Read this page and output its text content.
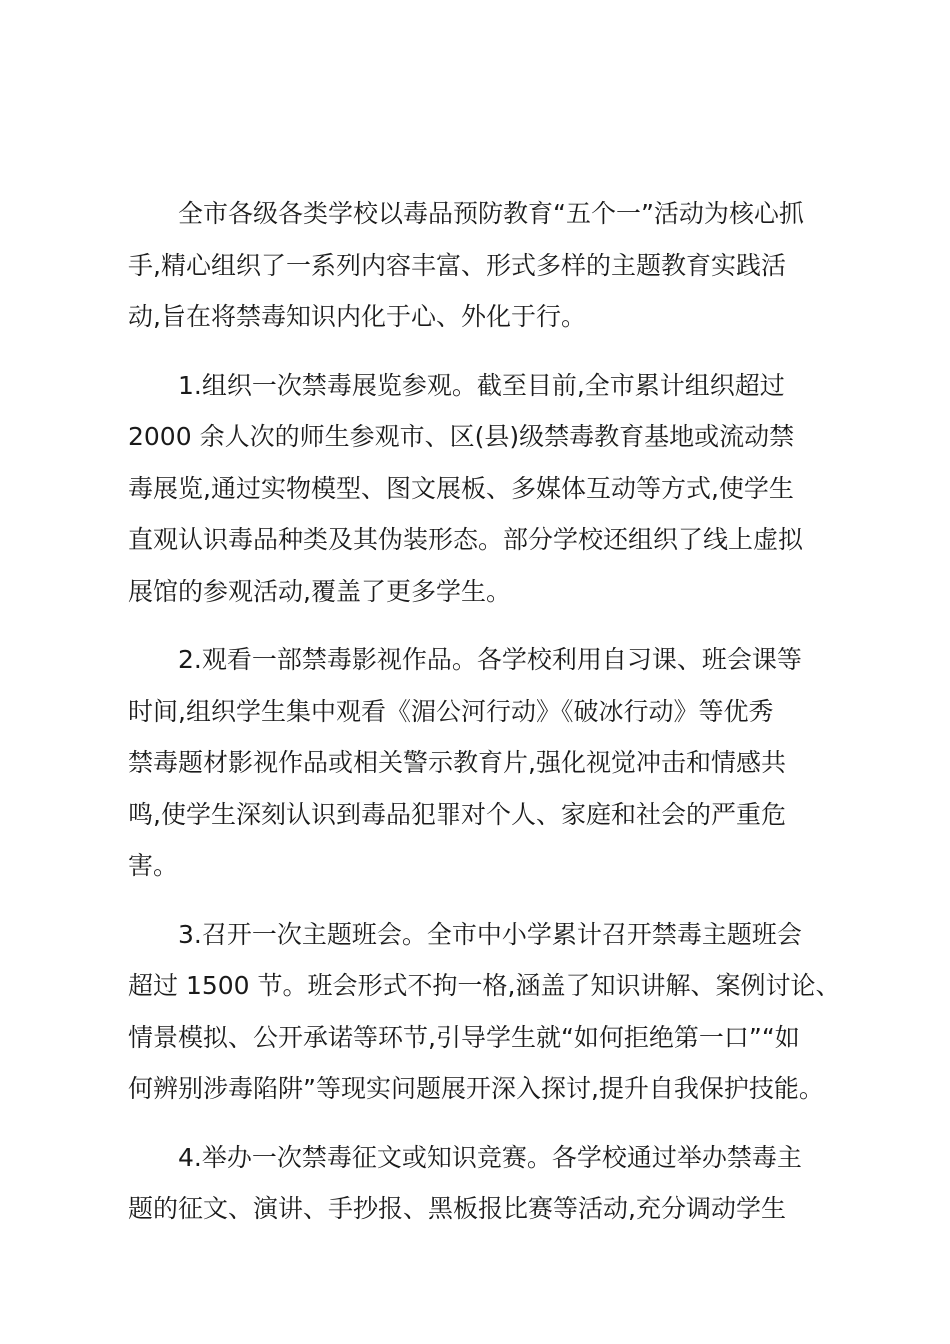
全市各级各类学校以毒品预防教育“五个一”活动为核心抓
手,精心组织了一系列内容丰富、形式多样的主题教育实践活
动,旨在将禁毒知识内化于心、外化于行。

1.组织一次禁毒展览参观。截至目前,全市累计组织超过
2000 余人次的师生参观市、区(县)级禁毒教育基地或流动禁
毒展览,通过实物模型、图文展板、多媒体互动等方式,使学生
直观认识毒品种类及其伪装形态。部分学校还组织了线上虚拟
展馆的参观活动,覆盖了更多学生。

2.观看一部禁毒影视作品。各学校利用自习课、班会课等
时间,组织学生集中观看《湄公河行动》《破冰行动》等优秀
禁毒题材影视作品或相关警示教育片,强化视觉冲击和情感共
鸣,使学生深刻认识到毒品犯罪对个人、家庭和社会的严重危
害。

3.召开一次主题班会。全市中小学累计召开禁毒主题班会
超过 1500 节。班会形式不拘一格,涵盖了知识讲解、案例讨论、
情景模拟、公开承诺等环节,引导学生就“如何拒绝第一口”“如
何辨别涉毒陷阱”等现实问题展开深入探讨,提升自我保护技能。

4.举办一次禁毒征文或知识竞赛。各学校通过举办禁毒主
题的征文、演讲、手抄报、黑板报比赛等活动,充分调动学生
